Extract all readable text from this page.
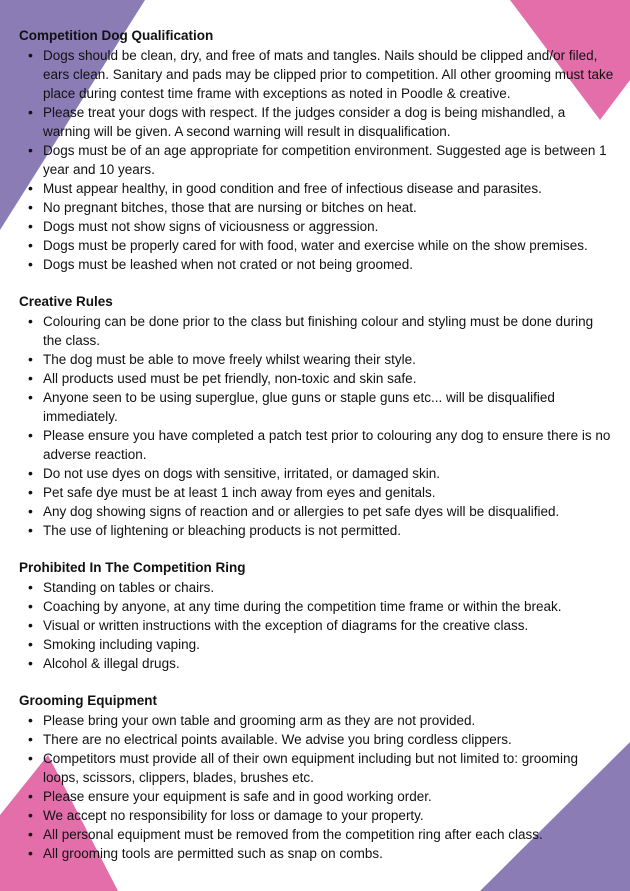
Competition Dog Qualification
• Dogs should be clean, dry, and free of mats and tangles. Nails should be clipped and/or filed, ears clean. Sanitary and pads may be clipped prior to competition. All other grooming must take place during contest time frame with exceptions as noted in Poodle & creative.
• Please treat your dogs with respect. If the judges consider a dog is being mishandled, a warning will be given. A second warning will result in disqualification.
• Dogs must be of an age appropriate for competition environment. Suggested age is between 1 year and 10 years.
• Must appear healthy, in good condition and free of infectious disease and parasites.
• No pregnant bitches, those that are nursing or bitches on heat.
• Dogs must not show signs of viciousness or aggression.
• Dogs must be properly cared for with food, water and exercise while on the show premises.
• Dogs must be leashed when not crated or not being groomed.
Creative Rules
• Colouring can be done prior to the class but finishing colour and styling must be done during the class.
• The dog must be able to move freely whilst wearing their style.
• All products used must be pet friendly, non-toxic and skin safe.
• Anyone seen to be using superglue, glue guns or staple guns etc... will be disqualified immediately.
• Please ensure you have completed a patch test prior to colouring any dog to ensure there is no adverse reaction.
• Do not use dyes on dogs with sensitive, irritated, or damaged skin.
• Pet safe dye must be at least 1 inch away from eyes and genitals.
• Any dog showing signs of reaction and or allergies to pet safe dyes will be disqualified.
• The use of lightening or bleaching products is not permitted.
Prohibited In The Competition Ring
• Standing on tables or chairs.
• Coaching by anyone, at any time during the competition time frame or within the break.
• Visual or written instructions with the exception of diagrams for the creative class.
• Smoking including vaping.
• Alcohol & illegal drugs.
Grooming Equipment
• Please bring your own table and grooming arm as they are not provided.
• There are no electrical points available. We advise you bring cordless clippers.
• Competitors must provide all of their own equipment including but not limited to: grooming loops, scissors, clippers, blades, brushes etc.
• Please ensure your equipment is safe and in good working order.
• We accept no responsibility for loss or damage to your property.
• All personal equipment must be removed from the competition ring after each class.
• All grooming tools are permitted such as snap on combs.
